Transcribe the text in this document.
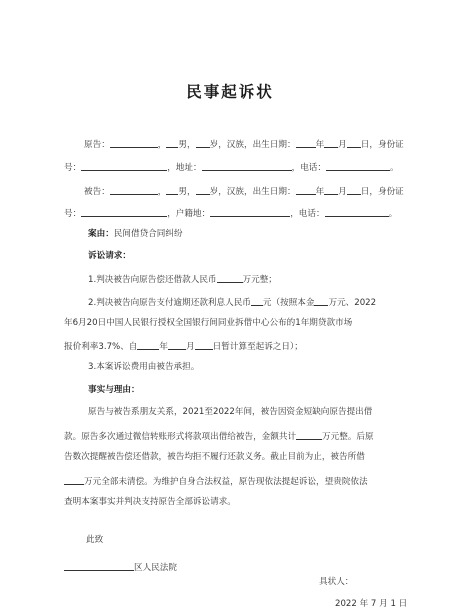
民事起诉状
原告：	， 男， 岁，汉族，出生日期： 年 月 日，身份证
号：	，地址：	，电话：	。
被告：	， 男， 岁，汉族，出生日期： 年 月 日，身份证
号：	，户籍地：	，电话：	。
案由：民间借贷合同纠纷
诉讼请求：
1.判决被告向原告偿还借款人民币	万元整；
2.判决被告向原告支付逾期还款利息人民币 元（按照本金 万元、2022
年6月20日中国人民银行授权全国银行间同业拆借中心公布的1年期贷款市场
报价利率3.7%、自	年 月 日暂计算至起诉之日）；
3.本案诉讼费用由被告承担。
事实与理由：
原告与被告系朋友关系，2021至2022年间，被告因资金短缺向原告提出借
款。原告多次通过微信转账形式将款项出借给被告，金额共计	万元整。后原
告数次提醒被告偿还借款，被告均拒不履行还款义务。截止目前为止，被告所借
万元全部未清偿。为维护自身合法权益，原告现依法提起诉讼，望贵院依法
查明本案事实并判决支持原告全部诉讼请求。
此致
区人民法院
具状人：
2022 年 7 月 1 日
